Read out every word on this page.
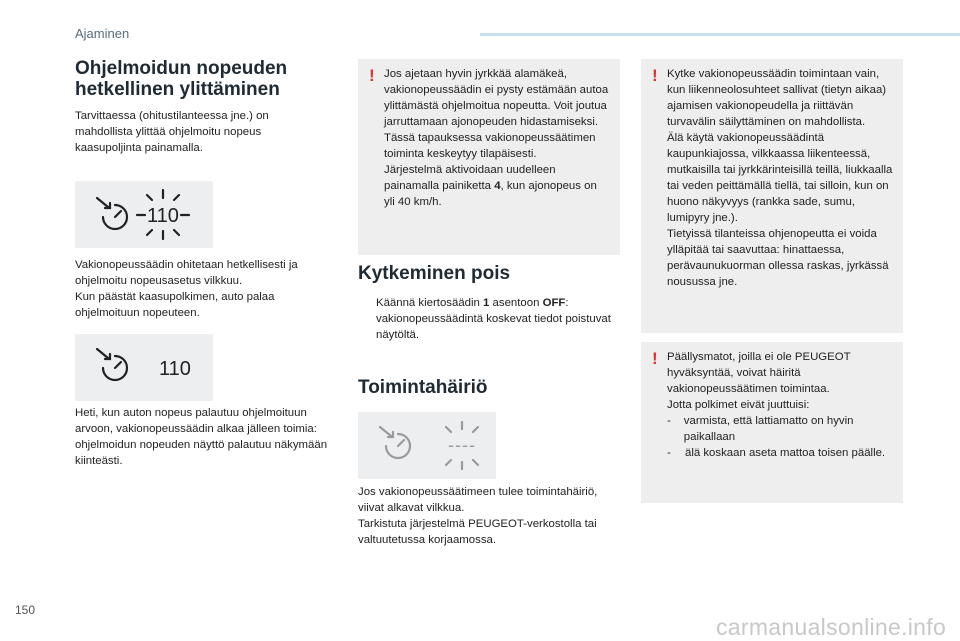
Ajaminen
Ohjelmoidun nopeuden hetkellinen ylittäminen
Tarvittaessa (ohitustilanteessa jne.) on mahdollista ylittää ohjelmoitu nopeus kaasupoljinta painamalla.
110
Vakionopeussäädin ohitetaan hetkellisesti ja ohjelmoitu nopeusasetus vilkkuu.
Kun päästät kaasupolkimen, auto palaa ohjelmoituun nopeuteen.
110
Heti, kun auton nopeus palautuu ohjelmoituun arvoon, vakionopeussäädin alkaa jälleen toimia: ohjelmoidun nopeuden näyttö palautuu näkymään kiinteästi.
! Jos ajetaan hyvin jyrkkää alamäkeä, vakionopeussäädin ei pysty estämään autoa ylittämästä ohjelmoitua nopeutta. Voit joutua jarruttamaan ajonopeuden hidastamiseksi. Tässä tapauksessa vakionopeussäätimen toiminta keskeytyy tilapäisesti.
Järjestelmä aktivoidaan uudelleen painamalla painiketta 4, kun ajonopeus on yli 40 km/h.
Kytkeminen pois
Käännä kiertosäädin 1 asentoon OFF:
vakionopeussäädintä koskevat tiedot poistuvat näytöltä.
Toimintahäiriö
----
Jos vakionopeussäätimeen tulee toimintahäiriö, viivat alkavat vilkkua.
Tarkistuta järjestelmä PEUGEOT-verkostolla tai valtuutetussa korjaamossa.
! Kytke vakionopeussäädin toimintaan vain, kun liikenneolosuhteet sallivat (tietyn aikaa) ajamisen vakionopeudella ja riittävän turvavälin säilyttäminen on mahdollista.
Älä käytä vakionopeussäädintä kaupunkiajossa, vilkkaassa liikenteessä, mutkaisilla tai jyrkkärinteisillä teillä, liukkaalla tai veden peittämällä tiellä, tai silloin, kun on huono näkyvyys (rankka sade, sumu, lumipyry jne.).
Tietyissä tilanteissa ohjenopeutta ei voida ylläpitää tai saavuttaa: hinattaessa, perävaunukuorman ollessa raskas, jyrkässä nousussa jne.
! Päällysmatot, joilla ei ole PEUGEOT hyväksyntää, voivat häiritä vakionopeussäätimen toimintaa.
Jotta polkimet eivät juuttuisi:
-	varmista, että lattiamatto on hyvin paikallaan
-	älä koskaan aseta mattoa toisen päälle.
150
carmanualsonline.info
